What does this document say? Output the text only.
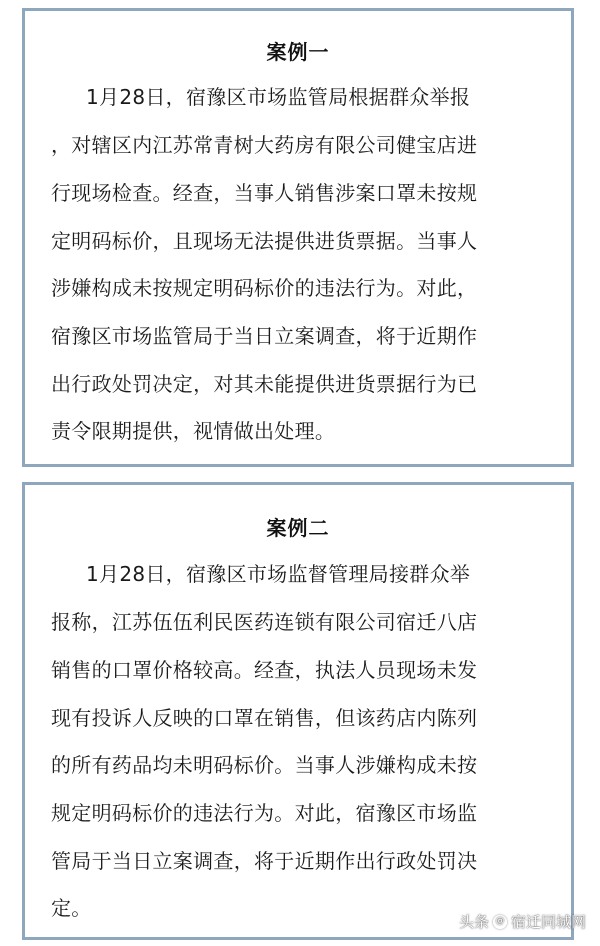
案例一
1月28日，宿豫区市场监管局根据群众举报
，对辖区内江苏常青树大药房有限公司健宝店进
行现场检查。经查，当事人销售涉案口罩未按规
定明码标价，且现场无法提供进货票据。当事人
涉嫌构成未按规定明码标价的违法行为。对此，
宿豫区市场监管局于当日立案调查，将于近期作
出行政处罚决定，对其未能提供进货票据行为已
责令限期提供，视情做出处理。
案例二
1月28日，宿豫区市场监督管理局接群众举
报称，江苏伍伍利民医药连锁有限公司宿迁八店
销售的口罩价格较高。经查，执法人员现场未发
现有投诉人反映的口罩在销售，但该药店内陈列
的所有药品均未明码标价。当事人涉嫌构成未按
规定明码标价的违法行为。对此，宿豫区市场监
管局于当日立案调查，将于近期作出行政处罚决
定。
头条 @ 宿迁同城网
